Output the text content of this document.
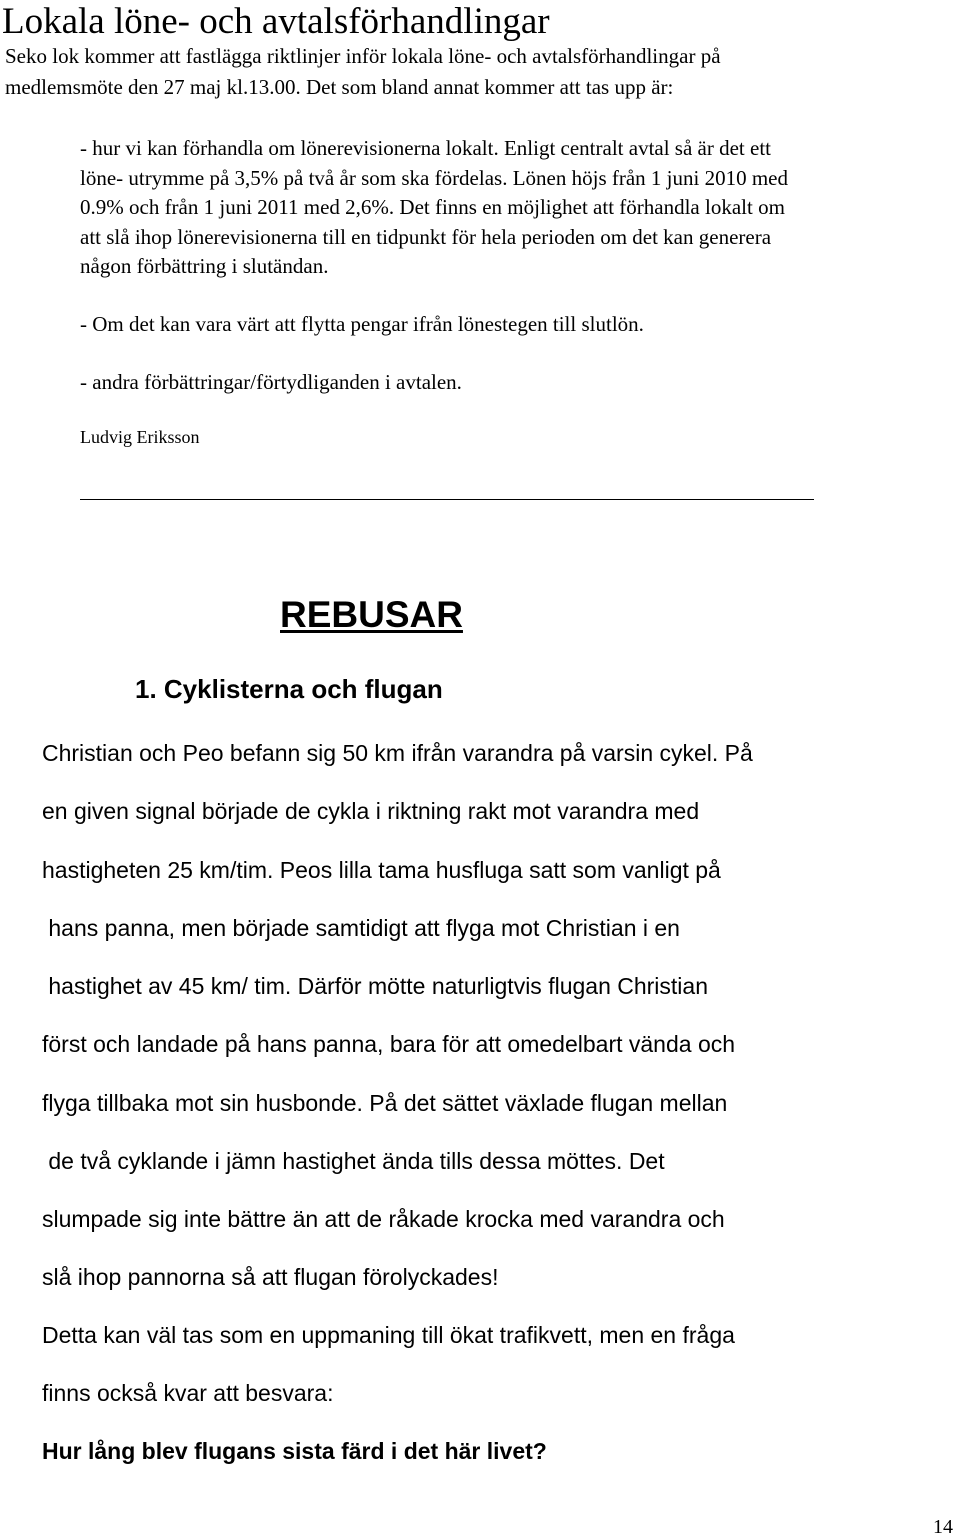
Lokala löne- och avtalsförhandlingar
Seko lok kommer att fastlägga riktlinjer inför lokala löne- och avtalsförhandlingar på
medlemsmöte den 27 maj kl.13.00. Det som bland annat kommer att tas upp är:
- hur vi kan förhandla om lönerevisionerna lokalt. Enligt centralt avtal så är det ett
löne- utrymme på 3,5% på två år som ska fördelas. Lönen höjs från 1 juni 2010 med
0.9% och från 1 juni 2011 med 2,6%. Det finns en möjlighet att förhandla lokalt om
att slå ihop lönerevisionerna till en tidpunkt för hela perioden om det kan generera
någon förbättring i slutändan.
- Om det kan vara värt att flytta pengar ifrån lönestegen till slutlön.
- andra förbättringar/förtydliganden i avtalen.
Ludvig Eriksson
REBUSAR
1. Cyklisterna och flugan
Christian och Peo befann sig 50 km ifrån varandra på varsin cykel. På
en given signal började de cykla i riktning rakt mot varandra med
hastigheten 25 km/tim. Peos lilla tama husfluga satt som vanligt på
hans panna, men började samtidigt att flyga mot Christian i en
hastighet av 45 km/ tim. Därför mötte naturligtvis flugan Christian
först och landade på hans panna, bara för att omedelbart vända och
flyga tillbaka mot sin husbonde. På det sättet växlade flugan mellan
de två cyklande i jämn hastighet ända tills dessa möttes. Det
slumpade sig inte bättre än att de råkade krocka med varandra och
slå ihop pannorna så att flugan förolyckades!
Detta kan väl tas som en uppmaning till ökat trafikvett, men en fråga
finns också kvar att besvara:
Hur lång blev flugans sista färd i det här livet?
14
